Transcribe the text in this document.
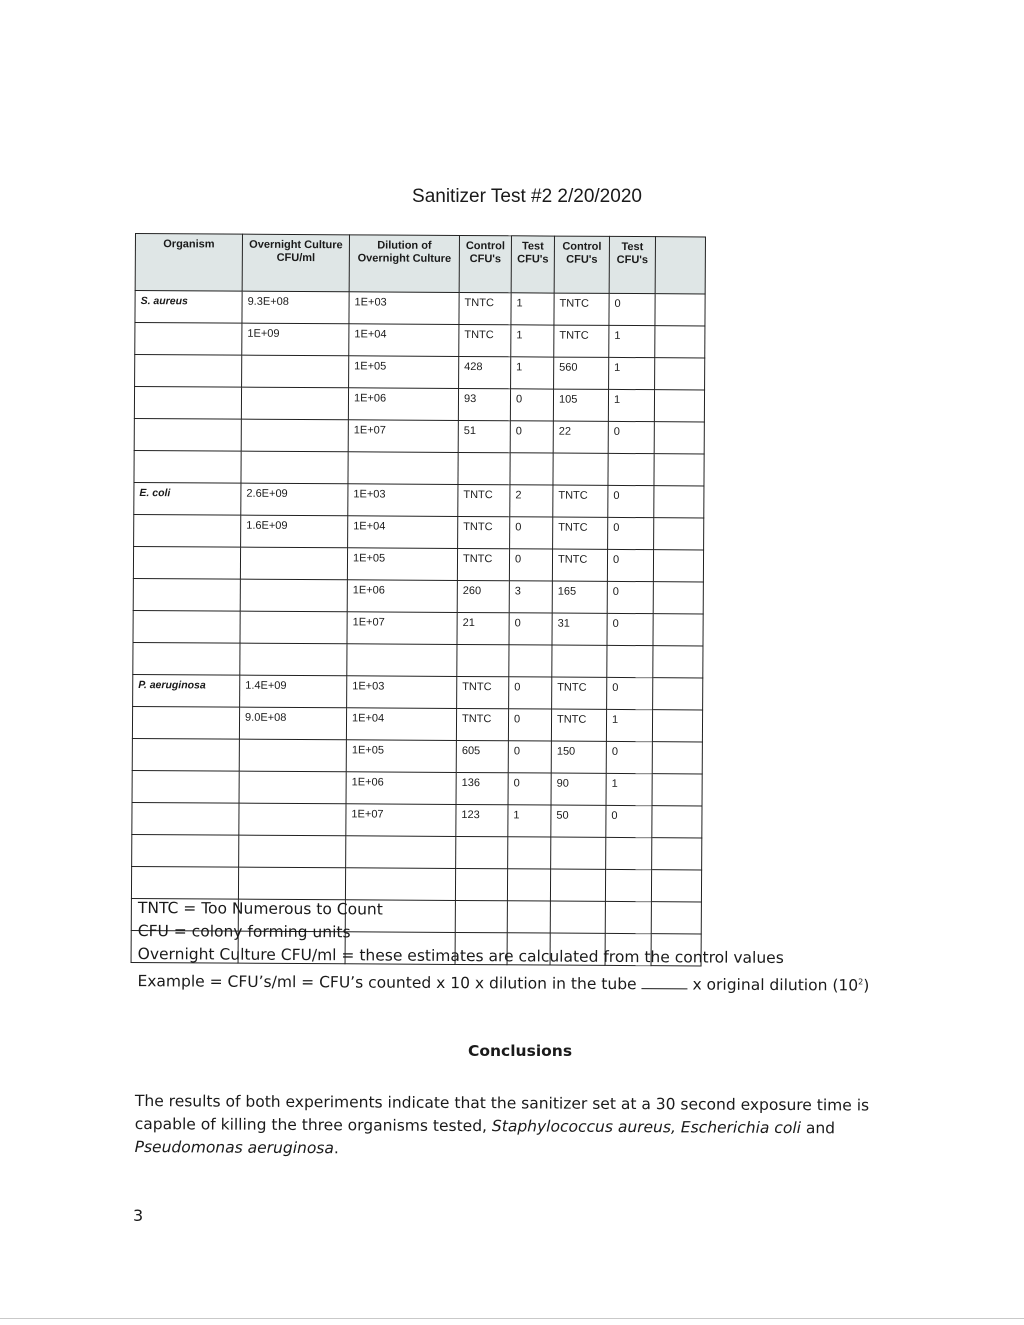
Sanitizer Test #2 2/20/2020
Organism	Overnight Culture CFU/ml	Dilution of Overnight Culture	Control CFU's	Test CFU's	Control CFU's	Test CFU's	
S. aureus	9.3E+08	1E+03	TNTC	1	TNTC	0	
	1E+09	1E+04	TNTC	1	TNTC	1	
		1E+05	428	1	560	1	
		1E+06	93	0	105	1	
		1E+07	51	0	22	0	

E. coli	2.6E+09	1E+03	TNTC	2	TNTC	0	
	1.6E+09	1E+04	TNTC	0	TNTC	0	
		1E+05	TNTC	0	TNTC	0	
		1E+06	260	3	165	0	
		1E+07	21	0	31	0	

P. aeruginosa	1.4E+09	1E+03	TNTC	0	TNTC	0	
	9.0E+08	1E+04	TNTC	0	TNTC	1	
		1E+05	605	0	150	0	
		1E+06	136	0	90	1	
		1E+07	123	1	50	0	

TNTC = Too Numerous to Count
CFU = colony forming units
Overnight Culture CFU/ml = these estimates are calculated from the control values
Example = CFU’s/ml = CFU’s counted x 10 x dilution in the tube	x original dilution $(10^2)$
Conclusions
The results of both experiments indicate that the sanitizer set at a 30 second exposure time is capable of killing the three organisms tested, Staphylococcus aureus, Escherichia coli and Pseudomonas aeruginosa.
3
